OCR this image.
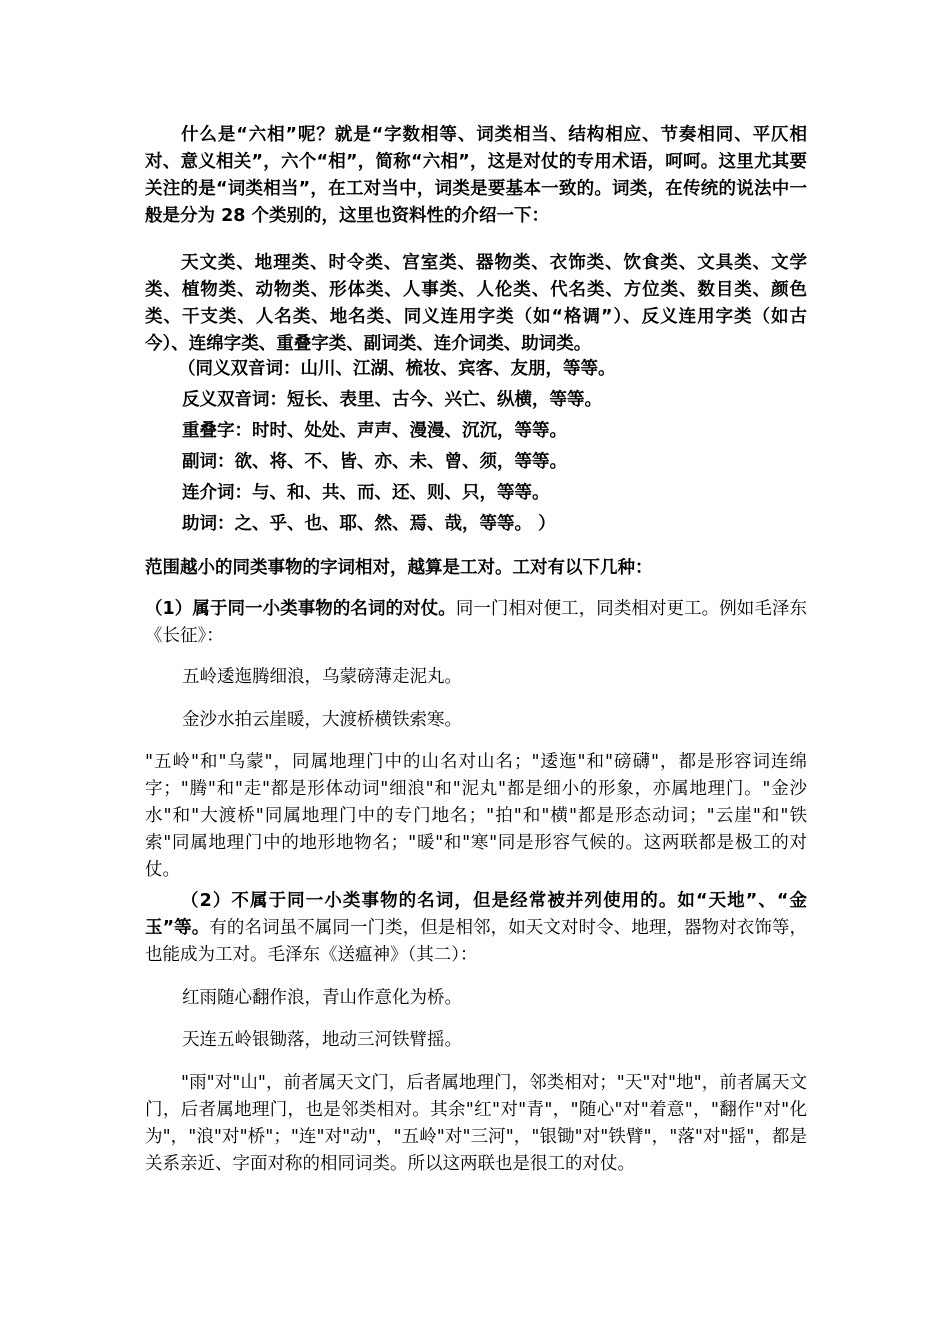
什么是“六相”呢？就是“字数相等、词类相当、结构相应、节奏相同、平仄相对、意义相关”，六个“相”，简称“六相”，这是对仗的专用术语，呵呵。这里尤其要关注的是“词类相当”，在工对当中，词类是要基本一致的。词类，在传统的说法中一般是分为 28 个类别的，这里也资料性的介绍一下：

天文类、地理类、时令类、宫室类、器物类、衣饰类、饮食类、文具类、文学类、植物类、动物类、形体类、人事类、人伦类、代名类、方位类、数目类、颜色类、干支类、人名类、地名类、同义连用字类（如“格调”）、反义连用字类（如古今）、连绵字类、重叠字类、副词类、连介词类、助词类。

（同义双音词：山川、江湖、梳妆、宾客、友朋，等等。

反义双音词：短长、表里、古今、兴亡、纵横，等等。

重叠字：时时、处处、声声、漫漫、沉沉，等等。

副词：欲、将、不、皆、亦、未、曾、须，等等。

连介词：与、和、共、而、还、则、只，等等。

助词：之、乎、也、耶、然、焉、哉，等等。 ）

范围越小的同类事物的字词相对，越算是工对。工对有以下几种：

（1）属于同一小类事物的名词的对仗。同一门相对便工，同类相对更工。例如毛泽东《长征》：

五岭逶迤腾细浪，乌蒙磅薄走泥丸。

金沙水拍云崖暖，大渡桥横铁索寒。

"五岭"和"乌蒙"，同属地理门中的山名对山名；"逶迤"和"磅礴"，都是形容词连绵字；"腾"和"走"都是形体动词"细浪"和"泥丸"都是细小的形象，亦属地理门。"金沙水"和"大渡桥"同属地理门中的专门地名；"拍"和"横"都是形态动词；"云崖"和"铁索"同属地理门中的地形地物名；"暖"和"寒"同是形容气候的。这两联都是极工的对仗。

（2）不属于同一小类事物的名词，但是经常被并列使用的。如“天地”、“金玉”等。有的名词虽不属同一门类，但是相邻，如天文对时令、地理，器物对衣饰等，也能成为工对。毛泽东《送瘟神》（其二）：

红雨随心翻作浪，青山作意化为桥。

天连五岭银锄落，地动三河铁臂摇。

"雨"对"山"，前者属天文门，后者属地理门，邻类相对；"天"对"地"，前者属天文门，后者属地理门，也是邻类相对。其余"红"对"青"，"随心"对"着意"，"翻作"对"化为"，"浪"对"桥"；"连"对"动"，"五岭"对"三河"，"银锄"对"铁臂"，"落"对"摇"，都是关系亲近、字面对称的相同词类。所以这两联也是很工的对仗。
